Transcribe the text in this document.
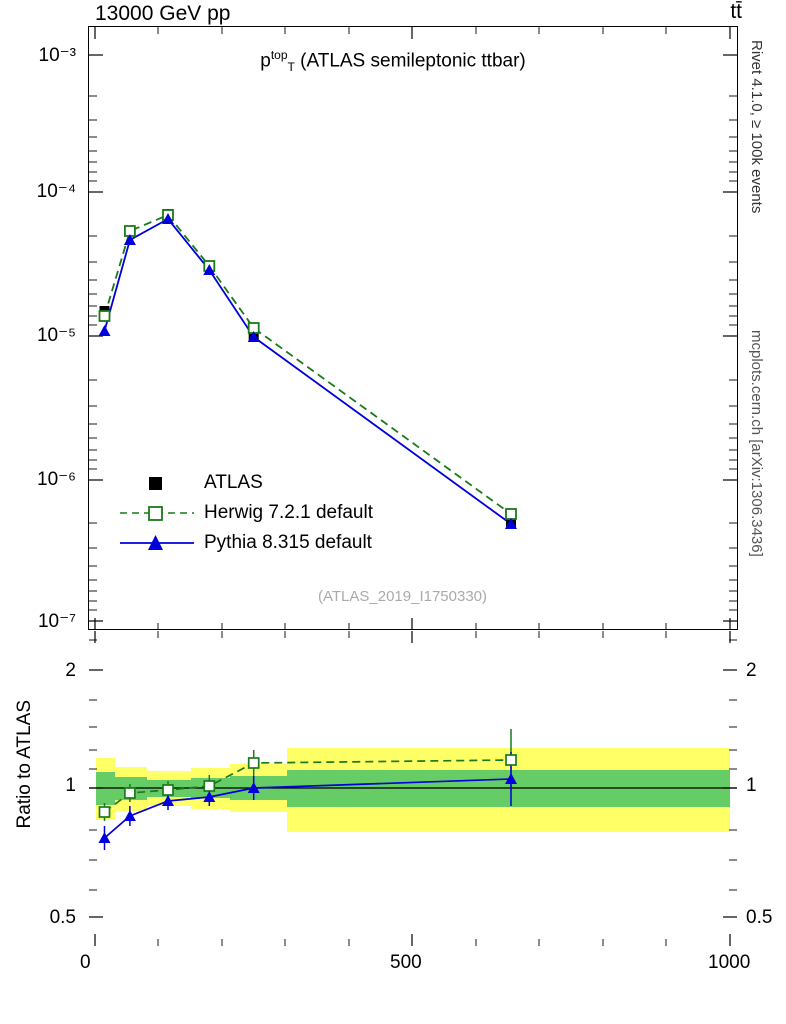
13000 GeV pp	tt̄
$p^{top}_T$ (ATLAS semileptonic ttbar)
10⁻³
10⁻⁴
10⁻⁵
10⁻⁶
10⁻⁷
2
1
0.5
2
1
0.5
0	500	1000
Rivet 4.1.0, ≥ 100k events
mcplots.cern.ch [arXiv:1306.3436]
(ATLAS_2019_I1750330)
Ratio to ATLAS
ATLAS
Herwig 7.2.1 default
Pythia 8.315 default
